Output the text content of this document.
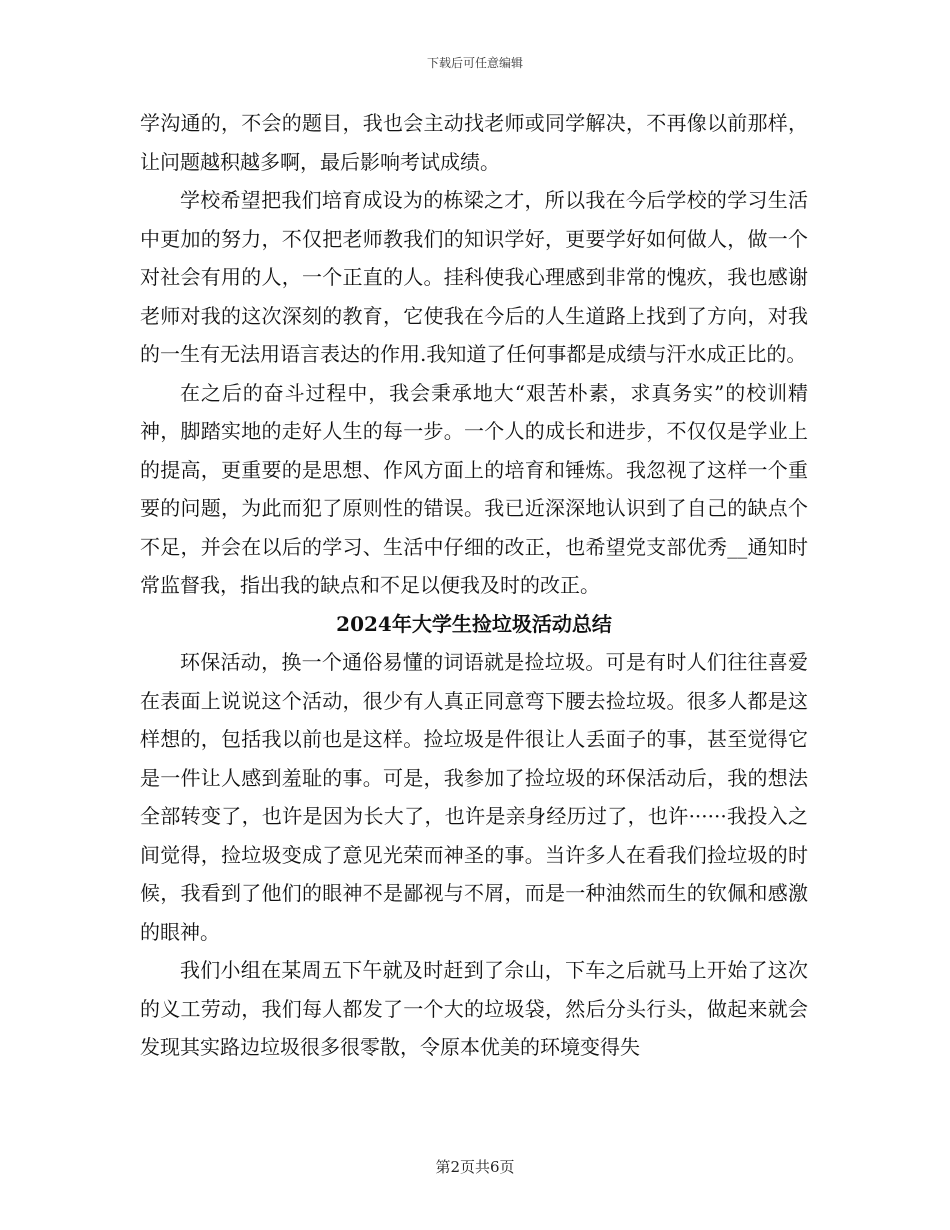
下载后可任意编辑

学沟通的，不会的题目，我也会主动找老师或同学解决，不再像以前那样，让问题越积越多啊，最后影响考试成绩。

学校希望把我们培育成设为的栋梁之才，所以我在今后学校的学习生活中更加的努力，不仅把老师教我们的知识学好，更要学好如何做人，做一个对社会有用的人，一个正直的人。挂科使我心理感到非常的愧疚，我也感谢老师对我的这次深刻的教育，它使我在今后的人生道路上找到了方向，对我的一生有无法用语言表达的作用.我知道了任何事都是成绩与汗水成正比的。

在之后的奋斗过程中，我会秉承地大“艰苦朴素，求真务实”的校训精神，脚踏实地的走好人生的每一步。一个人的成长和进步，不仅仅是学业上的提高，更重要的是思想、作风方面上的培育和锤炼。我忽视了这样一个重要的问题，为此而犯了原则性的错误。我已近深深地认识到了自己的缺点个不足，并会在以后的学习、生活中仔细的改正，也希望党支部优秀__通知时常监督我，指出我的缺点和不足以便我及时的改正。

2024年大学生捡垃圾活动总结

环保活动，换一个通俗易懂的词语就是捡垃圾。可是有时人们往往喜爱在表面上说说这个活动，很少有人真正同意弯下腰去捡垃圾。很多人都是这样想的，包括我以前也是这样。捡垃圾是件很让人丢面子的事，甚至觉得它是一件让人感到羞耻的事。可是，我参加了捡垃圾的环保活动后，我的想法全部转变了，也许是因为长大了，也许是亲身经历过了，也许······我投入之间觉得，捡垃圾变成了意见光荣而神圣的事。当许多人在看我们捡垃圾的时候，我看到了他们的眼神不是鄙视与不屑，而是一种油然而生的钦佩和感激的眼神。

我们小组在某周五下午就及时赶到了佘山，下车之后就马上开始了这次的义工劳动，我们每人都发了一个大的垃圾袋，然后分头行头，做起来就会发现其实路边垃圾很多很零散，令原本优美的环境变得失

第2页共6页
